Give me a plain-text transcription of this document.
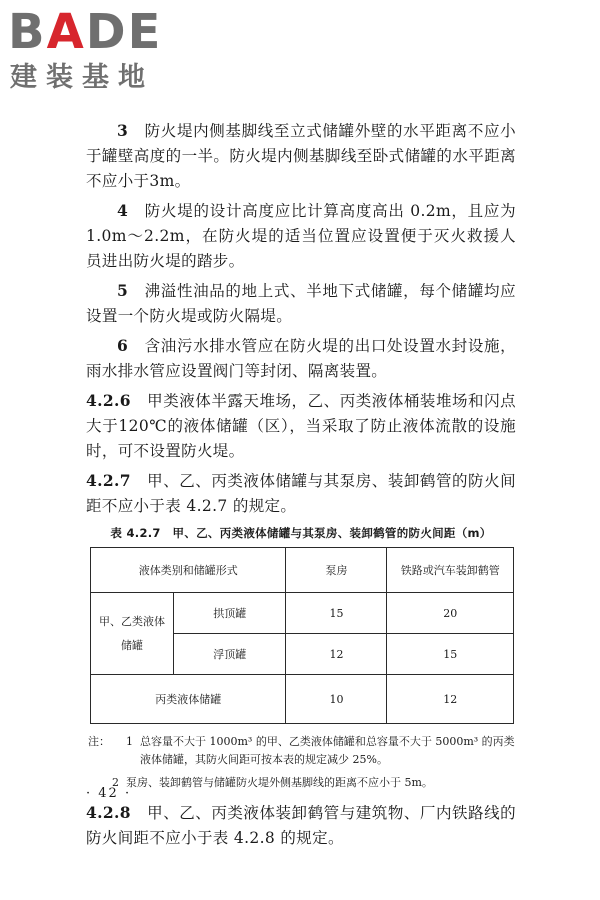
BADE
建装基地

3　 防火堤内侧基脚线至立式储罐外壁的水平距离不应小于罐壁高度的一半。防火堤内侧基脚线至卧式储罐的水平距离不应小于3m。

4　 防火堤的设计高度应比计算高度高出 0.2m，且应为 1.0m～2.2m，在防火堤的适当位置应设置便于灭火救援人员进出防火堤的踏步。

5　 沸溢性油品的地上式、半地下式储罐，每个储罐均应设置一个防火堤或防火隔堤。

6　 含油污水排水管应在防火堤的出口处设置水封设施，雨水排水管应设置阀门等封闭、隔离装置。

4.2.6　 甲类液体半露天堆场，乙、丙类液体桶装堆场和闪点大于120℃的液体储罐（区），当采取了防止液体流散的设施时，可不设置防火堤。

4.2.7　 甲、乙、丙类液体储罐与其泵房、装卸鹤管的防火间距不应小于表 4.2.7 的规定。

表 4.2.7　甲、乙、丙类液体储罐与其泵房、装卸鹤管的防火间距（m）
液体类别和储罐形式		泵房	铁路或汽车装卸鹤管
甲、乙类液体储罐	拱顶罐	15	20
	浮顶罐	12	15
丙类液体储罐		10	12
注：	1 总容量不大于 1000m³ 的甲、乙类液体储罐和总容量不大于 5000m³ 的丙类液体储罐，其防火间距可按本表的规定减少 25%。
2 泵房、装卸鹤管与储罐防火堤外侧基脚线的距离不应小于 5m。

4.2.8　 甲、乙、丙类液体装卸鹤管与建筑物、厂内铁路线的防火间距不应小于表 4.2.8 的规定。

· 42 ·
